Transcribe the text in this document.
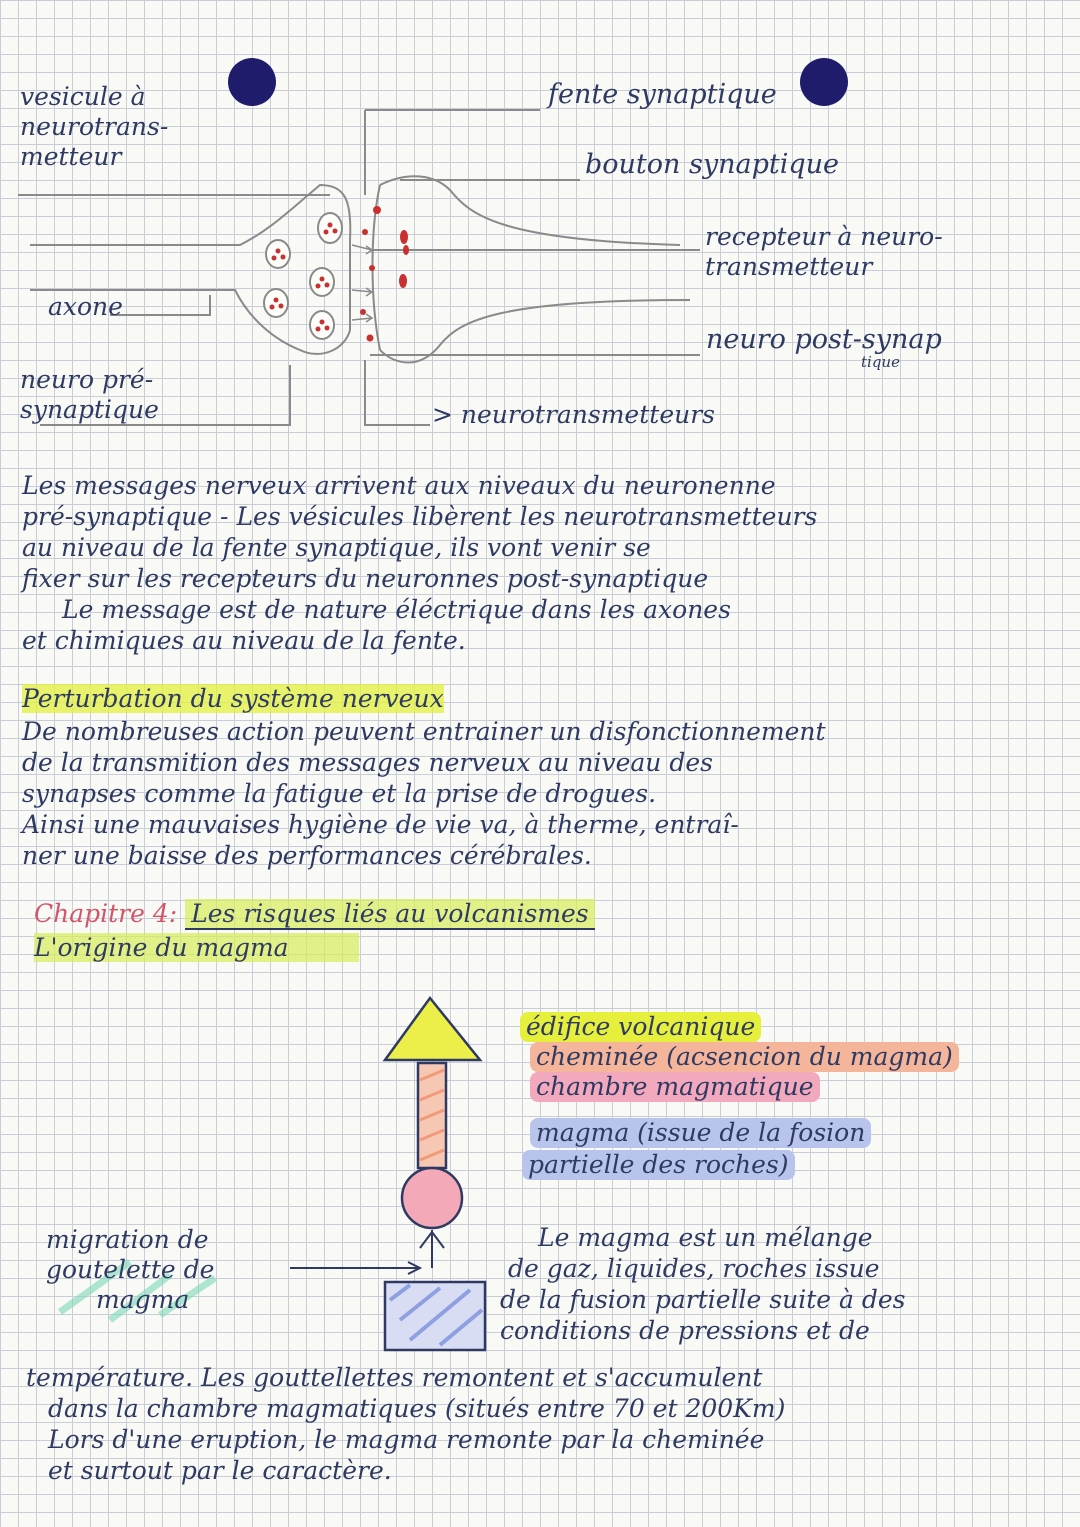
vesicule à
neurotrans-
metteur
fente synaptique
bouton synaptique
recepteur à neuro-
transmetteur
axone
neuro post-synap
tique
neuro pré-
synaptique	> neurotransmetteurs
Les messages nerveux arrivent aux niveaux du neuronenne
pré-synaptique - Les vésicules libèrent les neurotransmetteurs
au niveau de la fente synaptique, ils vont venir se
fixer sur les recepteurs du neuronnes post-synaptique
Le message est de nature éléctrique dans les axones
et chimiques au niveau de la fente.
Perturbation du système nerveux
De nombreuses action peuvent entrainer un disfonctionnement
de la transmition des messages nerveux au niveau des
synapses comme la fatigue et la prise de drogues.
Ainsi une mauvaises hygiène de vie va, à therme, entraî-
ner une baisse des performances cérébrales.
Chapitre 4: Les risques liés au volcanismes
L'origine du magma
édifice volcanique
cheminée (acsencion du magma)
chambre magmatique
magma (issue de la fosion
partielle des roches)
migration de
goutelette de
magma
Le magma est un mélange
de gaz, liquides, roches issue
de la fusion partielle suite à des
conditions de pressions et de
température. Les gouttellettes remontent et s'accumulent
dans la chambre magmatiques (situés entre 70 et 200Km)
Lors d'une eruption, le magma remonte par la cheminée
et surtout par le caractère.
